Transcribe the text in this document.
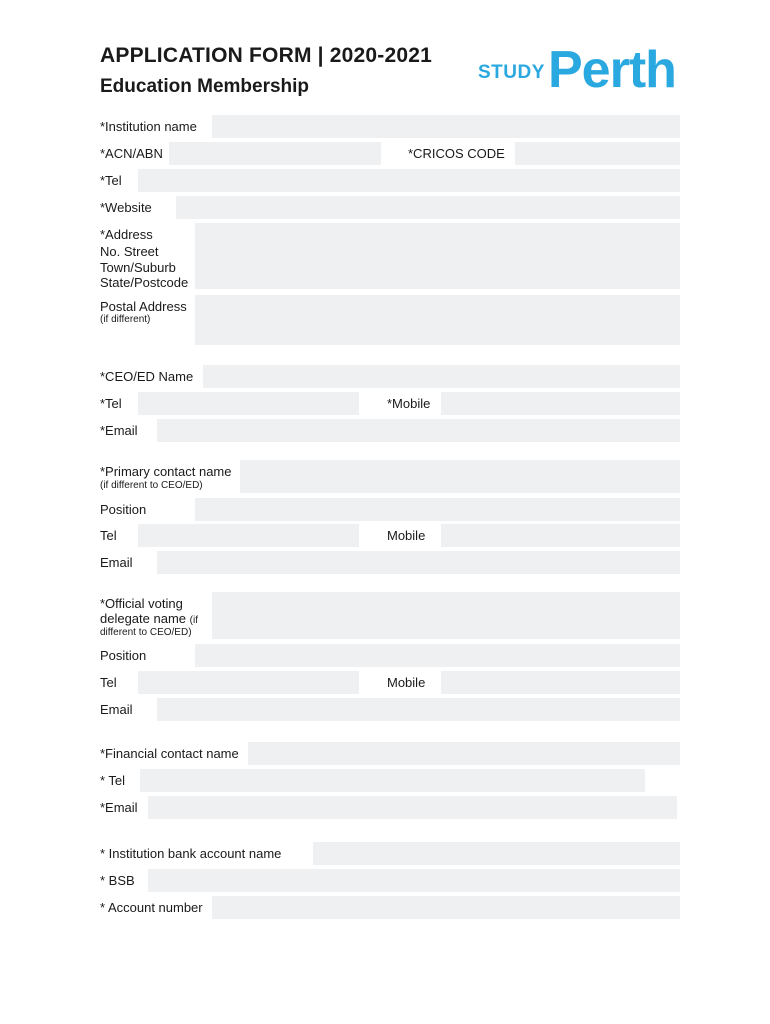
APPLICATION FORM | 2020-2021
Education Membership
STUDY Perth
*Institution name
*ACN/ABN	*CRICOS CODE
*Tel
*Website
*Address
No. Street
Town/Suburb
State/Postcode
Postal Address
(if different)
*CEO/ED Name
*Tel	*Mobile
*Email
*Primary contact name
(if different to CEO/ED)
Position
Tel	Mobile
Email
*Official voting
delegate name (if
different to CEO/ED)
Position
Tel	Mobile
Email
*Financial contact name
* Tel
*Email
* Institution bank account name
* BSB
* Account number
